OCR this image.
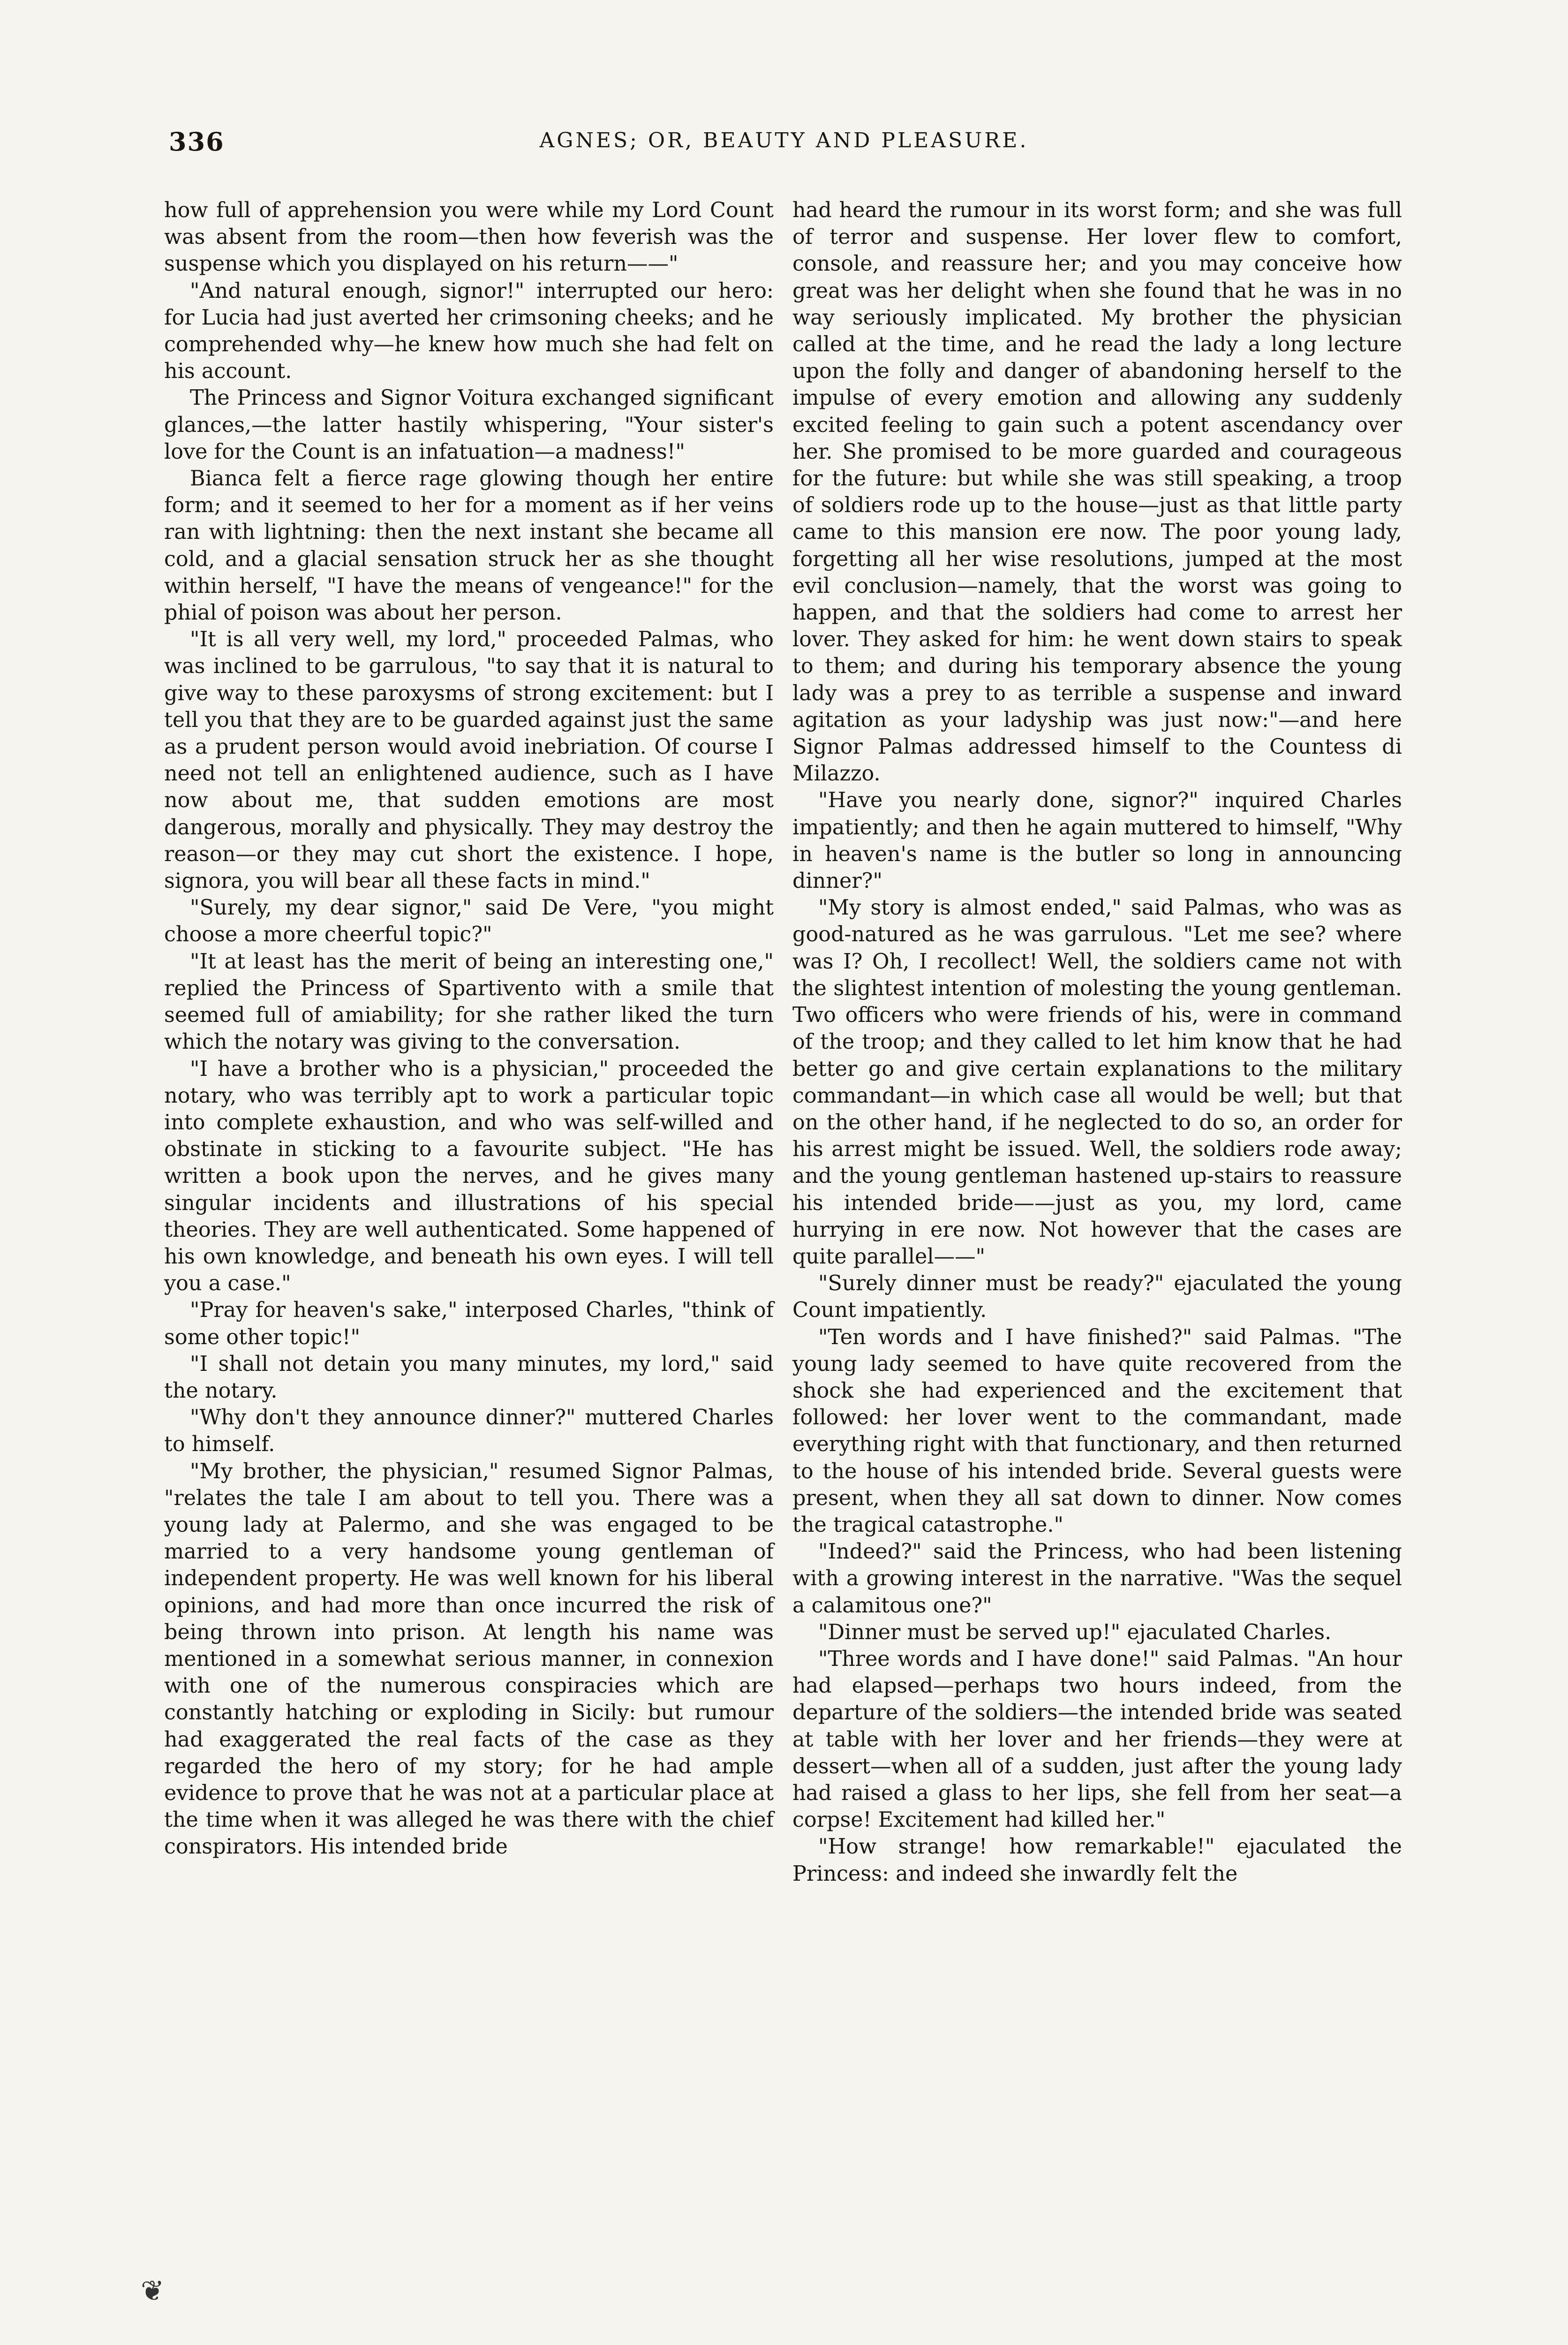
336	AGNES; OR, BEAUTY AND PLEASURE.

how full of apprehension you were while my Lord Count was absent from the room—then how feverish was the suspense which you displayed on his return——"

"And natural enough, signor!" interrupted our hero: for Lucia had just averted her crimsoning cheeks; and he comprehended why—he knew how much she had felt on his account.

The Princess and Signor Voitura exchanged significant glances,—the latter hastily whispering, "Your sister's love for the Count is an infatuation—a madness!"

Bianca felt a fierce rage glowing though her entire form; and it seemed to her for a moment as if her veins ran with lightning: then the next instant she became all cold, and a glacial sensation struck her as she thought within herself, "I have the means of vengeance!" for the phial of poison was about her person.

"It is all very well, my lord," proceeded Palmas, who was inclined to be garrulous, "to say that it is natural to give way to these paroxysms of strong excitement: but I tell you that they are to be guarded against just the same as a prudent person would avoid inebriation. Of course I need not tell an enlightened audience, such as I have now about me, that sudden emotions are most dangerous, morally and physically. They may destroy the reason—or they may cut short the existence. I hope, signora, you will bear all these facts in mind."

"Surely, my dear signor," said De Vere, "you might choose a more cheerful topic?"

"It at least has the merit of being an interesting one," replied the Princess of Spartivento with a smile that seemed full of amiability; for she rather liked the turn which the notary was giving to the conversation.

"I have a brother who is a physician," proceeded the notary, who was terribly apt to work a particular topic into complete exhaustion, and who was self-willed and obstinate in sticking to a favourite subject. "He has written a book upon the nerves, and he gives many singular incidents and illustrations of his special theories. They are well authenticated. Some happened of his own knowledge, and beneath his own eyes. I will tell you a case."

"Pray for heaven's sake," interposed Charles, "think of some other topic!"

"I shall not detain you many minutes, my lord," said the notary.

"Why don't they announce dinner?" muttered Charles to himself.

"My brother, the physician," resumed Signor Palmas, "relates the tale I am about to tell you. There was a young lady at Palermo, and she was engaged to be married to a very handsome young gentleman of independent property. He was well known for his liberal opinions, and had more than once incurred the risk of being thrown into prison. At length his name was mentioned in a somewhat serious manner, in connexion with one of the numerous conspiracies which are constantly hatching or exploding in Sicily: but rumour had exaggerated the real facts of the case as they regarded the hero of my story; for he had ample evidence to prove that he was not at a particular place at the time when it was alleged he was there with the chief conspirators. His intended bride

had heard the rumour in its worst form; and she was full of terror and suspense. Her lover flew to comfort, console, and reassure her; and you may conceive how great was her delight when she found that he was in no way seriously implicated. My brother the physician called at the time, and he read the lady a long lecture upon the folly and danger of abandoning herself to the impulse of every emotion and allowing any suddenly excited feeling to gain such a potent ascendancy over her. She promised to be more guarded and courageous for the future: but while she was still speaking, a troop of soldiers rode up to the house—just as that little party came to this mansion ere now. The poor young lady, forgetting all her wise resolutions, jumped at the most evil conclusion—namely, that the worst was going to happen, and that the soldiers had come to arrest her lover. They asked for him: he went down stairs to speak to them; and during his temporary absence the young lady was a prey to as terrible a suspense and inward agitation as your ladyship was just now:"—and here Signor Palmas addressed himself to the Countess di Milazzo.

"Have you nearly done, signor?" inquired Charles impatiently; and then he again muttered to himself, "Why in heaven's name is the butler so long in announcing dinner?"

"My story is almost ended," said Palmas, who was as good-natured as he was garrulous. "Let me see? where was I? Oh, I recollect! Well, the soldiers came not with the slightest intention of molesting the young gentleman. Two officers who were friends of his, were in command of the troop; and they called to let him know that he had better go and give certain explanations to the military commandant—in which case all would be well; but that on the other hand, if he neglected to do so, an order for his arrest might be issued. Well, the soldiers rode away; and the young gentleman hastened up-stairs to reassure his intended bride——just as you, my lord, came hurrying in ere now. Not however that the cases are quite parallel——"

"Surely dinner must be ready?" ejaculated the young Count impatiently.

"Ten words and I have finished?" said Palmas. "The young lady seemed to have quite recovered from the shock she had experienced and the excitement that followed: her lover went to the commandant, made everything right with that functionary, and then returned to the house of his intended bride. Several guests were present, when they all sat down to dinner. Now comes the tragical catastrophe."

"Indeed?" said the Princess, who had been listening with a growing interest in the narrative. "Was the sequel a calamitous one?"

"Dinner must be served up!" ejaculated Charles.

"Three words and I have done!" said Palmas. "An hour had elapsed—perhaps two hours indeed, from the departure of the soldiers—the intended bride was seated at table with her lover and her friends—they were at dessert—when all of a sudden, just after the young lady had raised a glass to her lips, she fell from her seat—a corpse! Excitement had killed her."

"How strange! how remarkable!" ejaculated the Princess: and indeed she inwardly felt the

❦
